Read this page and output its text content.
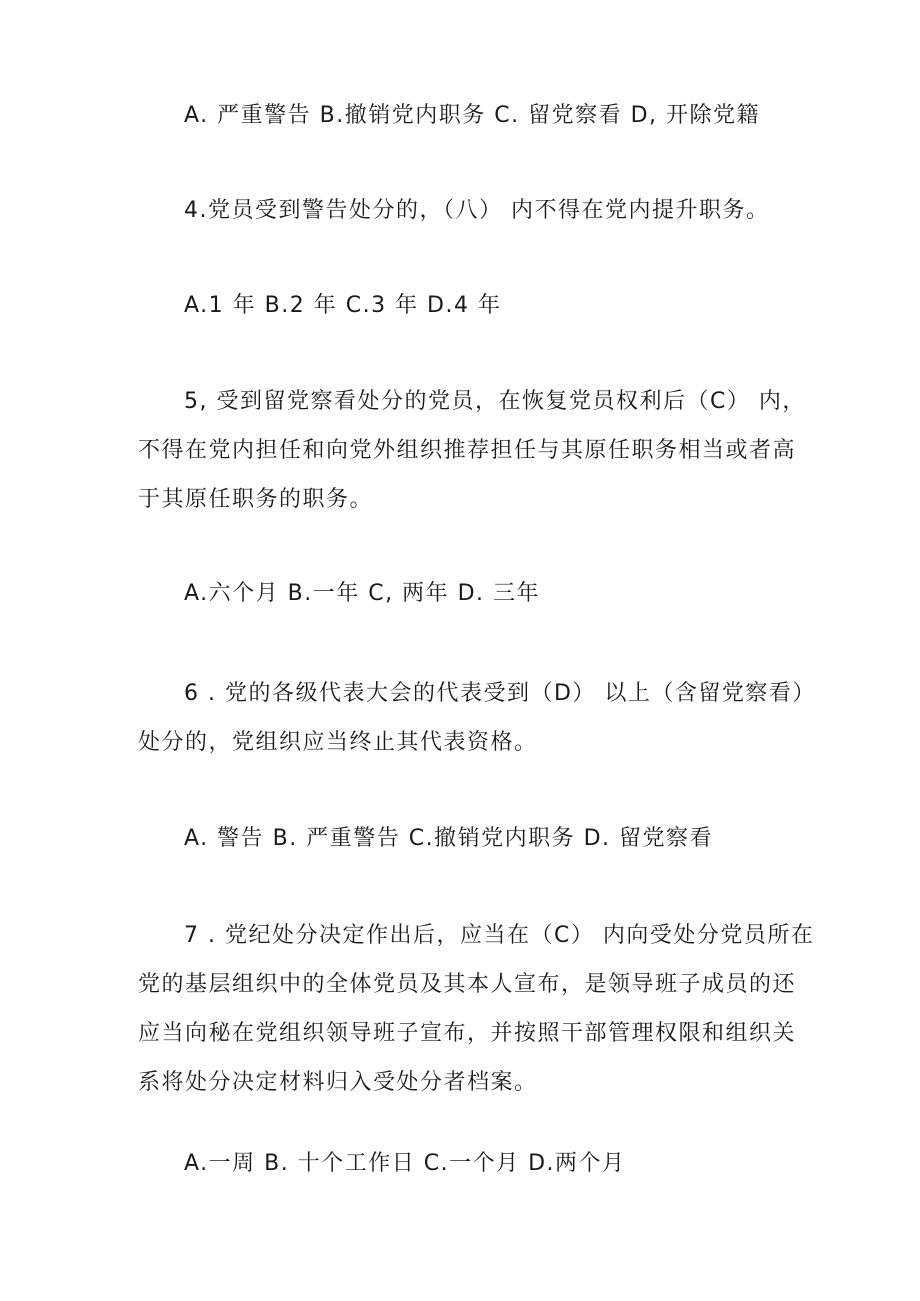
A. 严重警告 B.撤销党内职务 C. 留党察看 D, 开除党籍
4.党员受到警告处分的，（八） 内不得在党内提升职务。
A.1 年 B.2 年 C.3 年 D.4 年
5, 受到留党察看处分的党员，在恢复党员权利后（C） 内，
不得在党内担任和向党外组织推荐担任与其原任职务相当或者高
于其原任职务的职务。
A.六个月 B.一年 C, 两年 D. 三年
6 . 党的各级代表大会的代表受到（D） 以上（含留党察看）
处分的，党组织应当终止其代表资格。
A. 警告 B. 严重警告 C.撤销党内职务 D. 留党察看
7 . 党纪处分决定作出后，应当在（C） 内向受处分党员所在
党的基层组织中的全体党员及其本人宣布，是领导班子成员的还
应当向秘在党组织领导班子宣布，并按照干部管理权限和组织关
系将处分决定材料归入受处分者档案。
A.一周 B. 十个工作日 C.一个月 D.两个月
